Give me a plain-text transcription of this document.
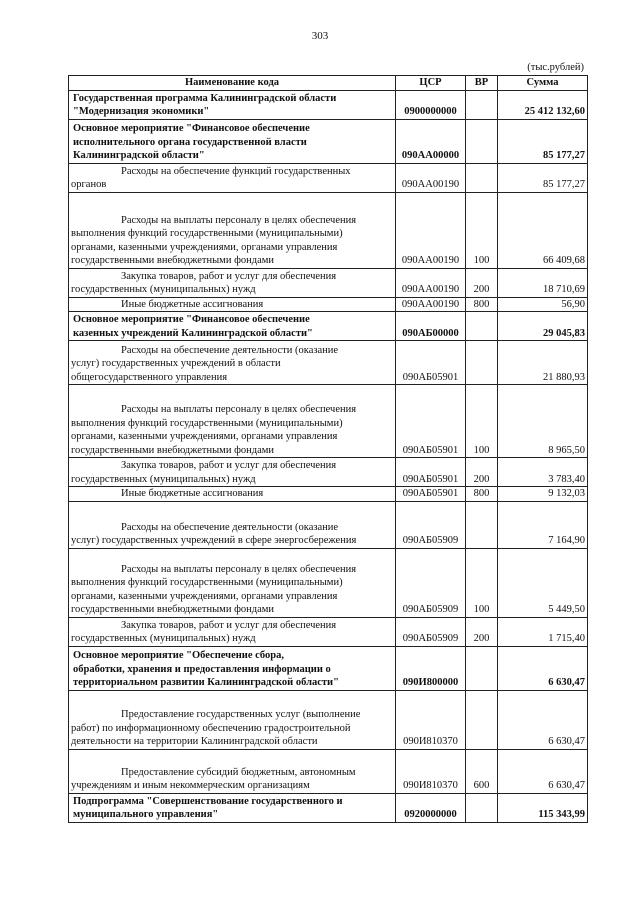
303
(тыс.рублей)
Наименование кода	ЦСР	ВР	Сумма
Государственная программа Калининградской области
"Модернизация экономики"	0900000000		25 412 132,60
Основное мероприятие "Финансовое обеспечение
исполнительного органа государственной власти
Калининградской области"	090АА00000		85 177,27
Расходы на обеспечение функций государственных
органов	090АА00190		85 177,27
Расходы на выплаты персоналу в целях обеспечения
выполнения функций государственными (муниципальными)
органами, казенными учреждениями, органами управления
государственными внебюджетными фондами	090АА00190	100	66 409,68
Закупка товаров, работ и услуг для обеспечения
государственных (муниципальных) нужд	090АА00190	200	18 710,69
Иные бюджетные ассигнования	090АА00190	800	56,90
Основное мероприятие "Финансовое обеспечение
казенных учреждений Калининградской области"	090АБ00000		29 045,83
Расходы на обеспечение деятельности (оказание
услуг) государственных учреждений в области
общегосударственного управления	090АБ05901		21 880,93
Расходы на выплаты персоналу в целях обеспечения
выполнения функций государственными (муниципальными)
органами, казенными учреждениями, органами управления
государственными внебюджетными фондами	090АБ05901	100	8 965,50
Закупка товаров, работ и услуг для обеспечения
государственных (муниципальных) нужд	090АБ05901	200	3 783,40
Иные бюджетные ассигнования	090АБ05901	800	9 132,03
Расходы на обеспечение деятельности (оказание
услуг) государственных учреждений в сфере энергосбережения	090АБ05909		7 164,90
Расходы на выплаты персоналу в целях обеспечения
выполнения функций государственными (муниципальными)
органами, казенными учреждениями, органами управления
государственными внебюджетными фондами	090АБ05909	100	5 449,50
Закупка товаров, работ и услуг для обеспечения
государственных (муниципальных) нужд	090АБ05909	200	1 715,40
Основное мероприятие "Обеспечение сбора,
обработки, хранения и предоставления информации о
территориальном развитии Калининградской области"	090И800000		6 630,47
Предоставление государственных услуг (выполнение
работ) по информационному обеспечению градостроительной
деятельности на территории Калининградской области	090И810370		6 630,47
Предоставление субсидий бюджетным, автономным
учреждениям и иным некоммерческим организациям	090И810370	600	6 630,47
Подпрограмма "Совершенствование государственного и
муниципального управления"	0920000000		115 343,99
